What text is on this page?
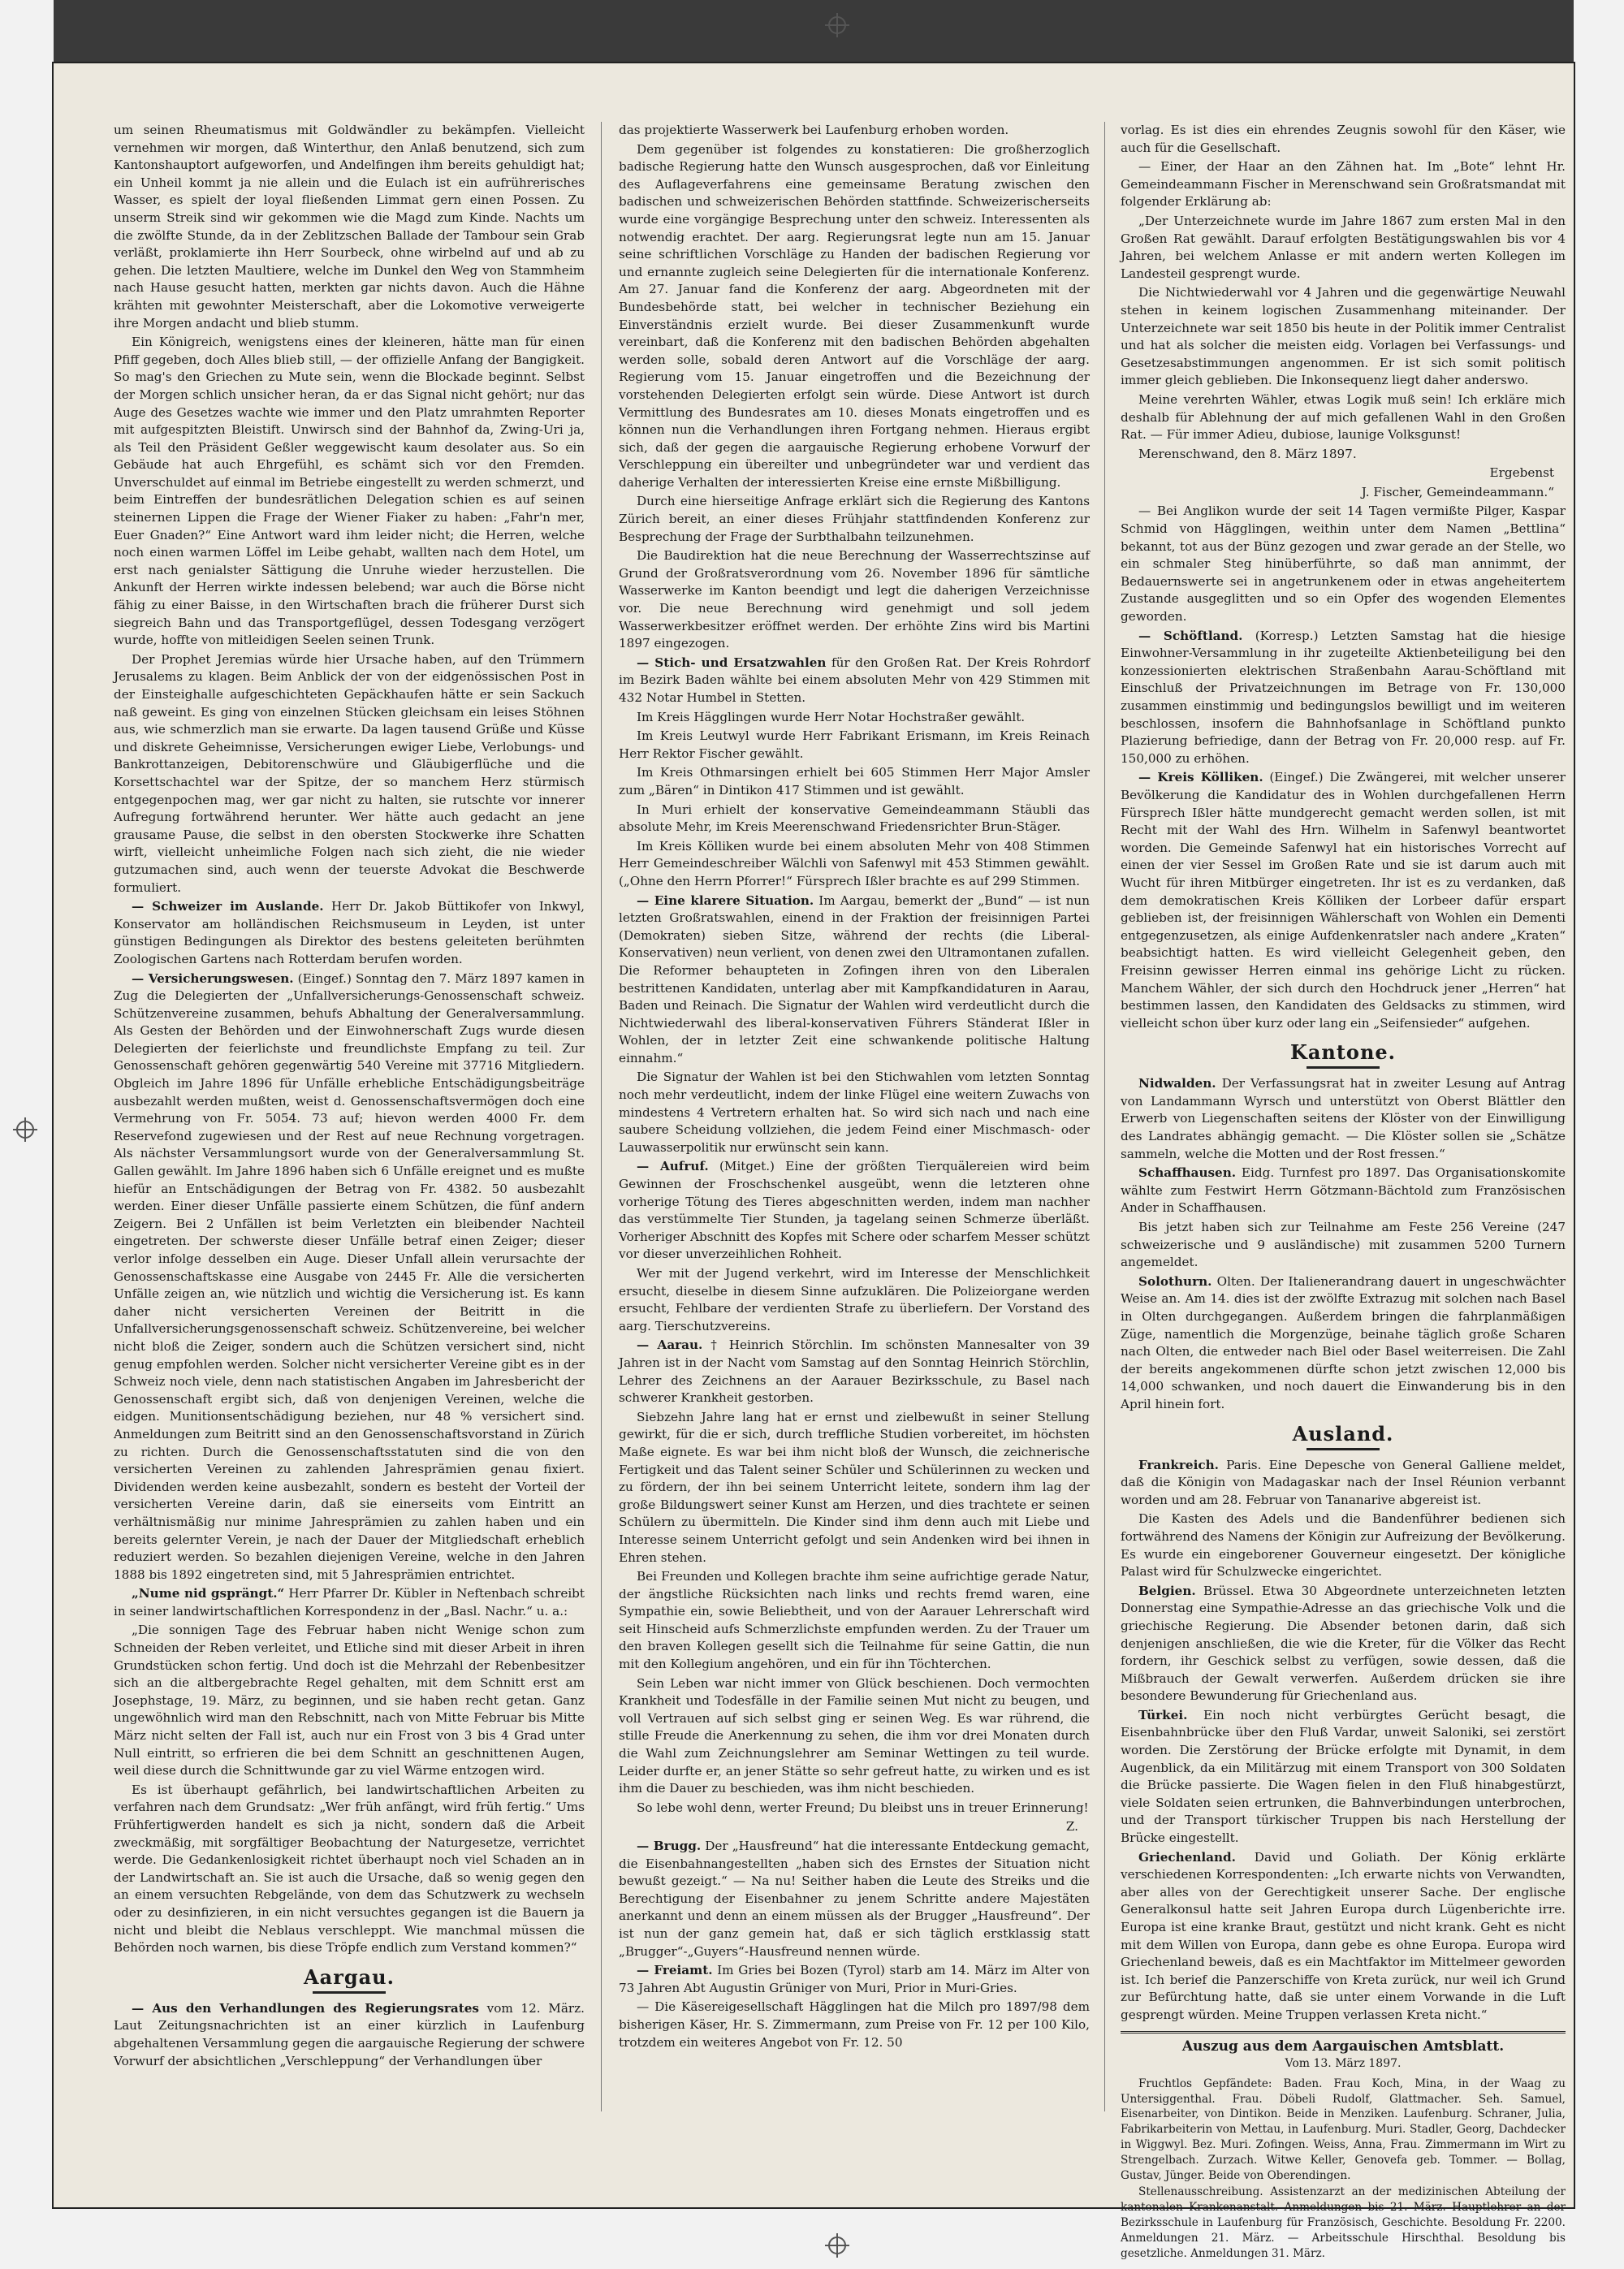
um seinen Rheumatismus mit Goldwändler zu bekämpfen. Vielleicht vernehmen wir morgen, daß Winterthur, den Anlaß benutzend, sich zum Kantonshauptort aufgeworfen, und Andelfingen ihm bereits gehuldigt hat; ein Unheil kommt ja nie allein und die Eulach ist ein aufrührerisches Wasser, es spielt der loyal fließenden Limmat gern einen Possen. Zu unserm Streik sind wir gekommen wie die Magd zum Kinde. Nachts um die zwölfte Stunde, da in der Zeblitzschen Ballade der Tambour sein Grab verläßt, proklamierte ihn Herr Sourbeck, ohne wirbelnd auf und ab zu gehen. Die letzten Maultiere, welche im Dunkel den Weg von Stammheim nach Hause gesucht hatten, merkten gar nichts davon. Auch die Hähne krähten mit gewohnter Meisterschaft, aber die Lokomotive verweigerte ihre Morgen andacht und blieb stumm.

Ein Königreich, wenigstens eines der kleineren, hätte man für einen Pfiff gegeben, doch Alles blieb still, — der offizielle Anfang der Bangigkeit. So mag's den Griechen zu Mute sein, wenn die Blockade beginnt. Selbst der Morgen schlich unsicher heran, da er das Signal nicht gehört; nur das Auge des Gesetzes wachte wie immer und den Platz umrahmten Reporter mit aufgespitzten Bleistift. Unwirsch sind der Bahnhof da, Zwing-Uri ja, als Teil den Präsident Geßler weggewischt kaum desolater aus. So ein Gebäude hat auch Ehrgefühl, es schämt sich vor den Fremden. Unverschuldet auf einmal im Betriebe eingestellt zu werden schmerzt, und beim Eintreffen der bundesrätlichen Delegation schien es auf seinen steinernen Lippen die Frage der Wiener Fiaker zu haben: „Fahr'n mer, Euer Gnaden?“ Eine Antwort ward ihm leider nicht; die Herren, welche noch einen warmen Löffel im Leibe gehabt, wallten nach dem Hotel, um erst nach genialster Sättigung die Unruhe wieder herzustellen. Die Ankunft der Herren wirkte indessen belebend; war auch die Börse nicht fähig zu einer Baisse, in den Wirtschaften brach die früherer Durst sich siegreich Bahn und das Transportgeflügel, dessen Todesgang verzögert wurde, hoffte von mitleidigen Seelen seinen Trunk.

Der Prophet Jeremias würde hier Ursache haben, auf den Trümmern Jerusalems zu klagen. Beim Anblick der von der eidgenössischen Post in der Einsteighalle aufgeschichteten Gepäckhaufen hätte er sein Sackuch naß geweint. Es ging von einzelnen Stücken gleichsam ein leises Stöhnen aus, wie schmerzlich man sie erwarte. Da lagen tausend Grüße und Küsse und diskrete Geheimnisse, Versicherungen ewiger Liebe, Verlobungs- und Bankrottanzeigen, Debitorenschwüre und Gläubigerflüche und die Korsettschachtel war der Spitze, der so manchem Herz stürmisch entgegenpochen mag, wer gar nicht zu halten, sie rutschte vor innerer Aufregung fortwährend herunter. Wer hätte auch gedacht an jene grausame Pause, die selbst in den obersten Stockwerke ihre Schatten wirft, vielleicht unheimliche Folgen nach sich zieht, die nie wieder gutzumachen sind, auch wenn der teuerste Advokat die Beschwerde formuliert.

— Schweizer im Auslande. Herr Dr. Jakob Büttikofer von Inkwyl, Konservator am holländischen Reichsmuseum in Leyden, ist unter günstigen Bedingungen als Direktor des bestens geleiteten berühmten Zoologischen Gartens nach Rotterdam berufen worden.

— Versicherungswesen. (Eingef.) Sonntag den 7. März 1897 kamen in Zug die Delegierten der „Unfallversicherungs-Genossenschaft schweiz. Schützenvereine zusammen, behufs Abhaltung der Generalversammlung. Als Gesten der Behörden und der Einwohnerschaft Zugs wurde diesen Delegierten der feierlichste und freundlichste Empfang zu teil. Zur Genossenschaft gehören gegenwärtig 540 Vereine mit 37716 Mitgliedern. Obgleich im Jahre 1896 für Unfälle erhebliche Entschädigungsbeiträge ausbezahlt werden mußten, weist d. Genossenschaftsvermögen doch eine Vermehrung von Fr. 5054. 73 auf; hievon werden 4000 Fr. dem Reservefond zugewiesen und der Rest auf neue Rechnung vorgetragen. Als nächster Versammlungsort wurde von der Generalversammlung St. Gallen gewählt. Im Jahre 1896 haben sich 6 Unfälle ereignet und es mußte hiefür an Entschädigungen der Betrag von Fr. 4382. 50 ausbezahlt werden. Einer dieser Unfälle passierte einem Schützen, die fünf andern Zeigern. Bei 2 Unfällen ist beim Verletzten ein bleibender Nachteil eingetreten. Der schwerste dieser Unfälle betraf einen Zeiger; dieser verlor infolge desselben ein Auge. Dieser Unfall allein verursachte der Genossenschaftskasse eine Ausgabe von 2445 Fr. Alle die versicherten Unfälle zeigen an, wie nützlich und wichtig die Versicherung ist. Es kann daher nicht versicherten Vereinen der Beitritt in die Unfallversicherungsgenossenschaft schweiz. Schützenvereine, bei welcher nicht bloß die Zeiger, sondern auch die Schützen versichert sind, nicht genug empfohlen werden. Solcher nicht versicherter Vereine gibt es in der Schweiz noch viele, denn nach statistischen Angaben im Jahresbericht der Genossenschaft ergibt sich, daß von denjenigen Vereinen, welche die eidgen. Munitionsentschädigung beziehen, nur 48 % versichert sind. Anmeldungen zum Beitritt sind an den Genossenschaftsvorstand in Zürich zu richten. Durch die Genossenschaftsstatuten sind die von den versicherten Vereinen zu zahlenden Jahresprämien genau fixiert. Dividenden werden keine ausbezahlt, sondern es besteht der Vorteil der versicherten Vereine darin, daß sie einerseits vom Eintritt an verhältnismäßig nur minime Jahresprämien zu zahlen haben und ein bereits gelernter Verein, je nach der Dauer der Mitgliedschaft erheblich reduziert werden. So bezahlen diejenigen Vereine, welche in den Jahren 1888 bis 1892 eingetreten sind, mit 5 Jahresprämien entrichtet.

„Nume nid gsprängt.“ Herr Pfarrer Dr. Kübler in Neftenbach schreibt in seiner landwirtschaftlichen Korrespondenz in der „Basl. Nachr.“ u. a.:

„Die sonnigen Tage des Februar haben nicht Wenige schon zum Schneiden der Reben verleitet, und Etliche sind mit dieser Arbeit in ihren Grundstücken schon fertig. Und doch ist die Mehrzahl der Rebenbesitzer sich an die altbergebrachte Regel gehalten, mit dem Schnitt erst am Josephstage, 19. März, zu beginnen, und sie haben recht getan. Ganz ungewöhnlich wird man den Rebschnitt, nach von Mitte Februar bis Mitte März nicht selten der Fall ist, auch nur ein Frost von 3 bis 4 Grad unter Null eintritt, so erfrieren die bei dem Schnitt an geschnittenen Augen, weil diese durch die Schnittwunde gar zu viel Wärme entzogen wird.

Es ist überhaupt gefährlich, bei landwirtschaftlichen Arbeiten zu verfahren nach dem Grundsatz: „Wer früh anfängt, wird früh fertig.“ Ums Frühfertigwerden handelt es sich ja nicht, sondern daß die Arbeit zweckmäßig, mit sorgfältiger Beobachtung der Naturgesetze, verrichtet werde. Die Gedankenlosigkeit richtet überhaupt noch viel Schaden an in der Landwirtschaft an. Sie ist auch die Ursache, daß so wenig gegen den an einem versuchten Rebgelände, von dem das Schutzwerk zu wechseln oder zu desinfizieren, in ein nicht versuchtes gegangen ist die Bauern ja nicht und bleibt die Neblaus verschleppt. Wie manchmal müssen die Behörden noch warnen, bis diese Tröpfe endlich zum Verstand kommen?“

Aargau.

— Aus den Verhandlungen des Regierungsrates vom 12. März. Laut Zeitungsnachrichten ist an einer kürzlich in Laufenburg abgehaltenen Versammlung gegen die aargauische Regierung der schwere Vorwurf der absichtlichen „Verschleppung“ der Verhandlungen über

das projektierte Wasserwerk bei Laufenburg erhoben worden.

Dem gegenüber ist folgendes zu konstatieren: Die großherzoglich badische Regierung hatte den Wunsch ausgesprochen, daß vor Einleitung des Auflageverfahrens eine gemeinsame Beratung zwischen den badischen und schweizerischen Behörden stattfinde. Schweizerischerseits wurde eine vorgängige Besprechung unter den schweiz. Interessenten als notwendig erachtet. Der aarg. Regierungsrat legte nun am 15. Januar seine schriftlichen Vorschläge zu Handen der badischen Regierung vor und ernannte zugleich seine Delegierten für die internationale Konferenz. Am 27. Januar fand die Konferenz der aarg. Abgeordneten mit der Bundesbehörde statt, bei welcher in technischer Beziehung ein Einverständnis erzielt wurde. Bei dieser Zusammenkunft wurde vereinbart, daß die Konferenz mit den badischen Behörden abgehalten werden solle, sobald deren Antwort auf die Vorschläge der aarg. Regierung vom 15. Januar eingetroffen und die Bezeichnung der vorstehenden Delegierten erfolgt sein würde. Diese Antwort ist durch Vermittlung des Bundesrates am 10. dieses Monats eingetroffen und es können nun die Verhandlungen ihren Fortgang nehmen. Hieraus ergibt sich, daß der gegen die aargauische Regierung erhobene Vorwurf der Verschleppung ein übereilter und unbegründeter war und verdient das daherige Verhalten der interessierten Kreise eine ernste Mißbilligung.

Durch eine hierseitige Anfrage erklärt sich die Regierung des Kantons Zürich bereit, an einer dieses Frühjahr stattfindenden Konferenz zur Besprechung der Frage der Surbthalbahn teilzunehmen.

Die Baudirektion hat die neue Berechnung der Wasserrechtszinse auf Grund der Großratsverordnung vom 26. November 1896 für sämtliche Wasserwerke im Kanton beendigt und legt die daherigen Verzeichnisse vor. Die neue Berechnung wird genehmigt und soll jedem Wasserwerkbesitzer eröffnet werden. Der erhöhte Zins wird bis Martini 1897 eingezogen.

— Stich- und Ersatzwahlen für den Großen Rat. Der Kreis Rohrdorf im Bezirk Baden wählte bei einem absoluten Mehr von 429 Stimmen mit 432 Notar Humbel in Stetten.

Im Kreis Hägglingen wurde Herr Notar Hochstraßer gewählt.

Im Kreis Leutwyl wurde Herr Fabrikant Erismann, im Kreis Reinach Herr Rektor Fischer gewählt.

Im Kreis Othmarsingen erhielt bei 605 Stimmen Herr Major Amsler zum „Bären“ in Dintikon 417 Stimmen und ist gewählt.

In Muri erhielt der konservative Gemeindeammann Stäubli das absolute Mehr, im Kreis Meerenschwand Friedensrichter Brun-Stäger.

Im Kreis Kölliken wurde bei einem absoluten Mehr von 408 Stimmen Herr Gemeindeschreiber Wälchli von Safenwyl mit 453 Stimmen gewählt. („Ohne den Herrn Pforrer!“ Fürsprech Ißler brachte es auf 299 Stimmen.

— Eine klarere Situation. Im Aargau, bemerkt der „Bund“ — ist nun letzten Großratswahlen, einend in der Fraktion der freisinnigen Partei (Demokraten) sieben Sitze, während der rechts (die Liberal-Konservativen) neun verlient, von denen zwei den Ultramontanen zufallen. Die Reformer behaupteten in Zofingen ihren von den Liberalen bestrittenen Kandidaten, unterlag aber mit Kampfkandidaturen in Aarau, Baden und Reinach. Die Signatur der Wahlen wird verdeutlicht durch die Nichtwiederwahl des liberal-konservativen Führers Ständerat Ißler in Wohlen, der in letzter Zeit eine schwankende politische Haltung einnahm.“

Die Signatur der Wahlen ist bei den Stichwahlen vom letzten Sonntag noch mehr verdeutlicht, indem der linke Flügel eine weitern Zuwachs von mindestens 4 Vertretern erhalten hat. So wird sich nach und nach eine saubere Scheidung vollziehen, die jedem Feind einer Mischmasch- oder Lauwasserpolitik nur erwünscht sein kann.

— Aufruf. (Mitget.) Eine der größten Tierquälereien wird beim Gewinnen der Froschschenkel ausgeübt, wenn die letzteren ohne vorherige Tötung des Tieres abgeschnitten werden, indem man nachher das verstümmelte Tier Stunden, ja tagelang seinen Schmerze überläßt. Vorheriger Abschnitt des Kopfes mit Schere oder scharfem Messer schützt vor dieser unverzeihlichen Rohheit.

Wer mit der Jugend verkehrt, wird im Interesse der Menschlichkeit ersucht, dieselbe in diesem Sinne aufzuklären. Die Polizeiorgane werden ersucht, Fehlbare der verdienten Strafe zu überliefern. Der Vorstand des aarg. Tierschutzvereins.

— Aarau. † Heinrich Störchlin. Im schönsten Mannesalter von 39 Jahren ist in der Nacht vom Samstag auf den Sonntag Heinrich Störchlin, Lehrer des Zeichnens an der Aarauer Bezirksschule, zu Basel nach schwerer Krankheit gestorben.

Siebzehn Jahre lang hat er ernst und zielbewußt in seiner Stellung gewirkt, für die er sich, durch treffliche Studien vorbereitet, im höchsten Maße eignete. Es war bei ihm nicht bloß der Wunsch, die zeichnerische Fertigkeit und das Talent seiner Schüler und Schülerinnen zu wecken und zu fördern, der ihn bei seinem Unterricht leitete, sondern ihm lag der große Bildungswert seiner Kunst am Herzen, und dies trachtete er seinen Schülern zu übermitteln. Die Kinder sind ihm denn auch mit Liebe und Interesse seinem Unterricht gefolgt und sein Andenken wird bei ihnen in Ehren stehen.

Bei Freunden und Kollegen brachte ihm seine aufrichtige gerade Natur, der ängstliche Rücksichten nach links und rechts fremd waren, eine Sympathie ein, sowie Beliebtheit, und von der Aarauer Lehrerschaft wird seit Hinscheid aufs Schmerzlichste empfunden werden. Zu der Trauer um den braven Kollegen gesellt sich die Teilnahme für seine Gattin, die nun mit den Kollegium angehören, und ein für ihn Töchterchen.

Sein Leben war nicht immer von Glück beschienen. Doch vermochten Krankheit und Todesfälle in der Familie seinen Mut nicht zu beugen, und voll Vertrauen auf sich selbst ging er seinen Weg. Es war rührend, die stille Freude die Anerkennung zu sehen, die ihm vor drei Monaten durch die Wahl zum Zeichnungslehrer am Seminar Wettingen zu teil wurde. Leider durfte er, an jener Stätte so sehr gefreut hatte, zu wirken und es ist ihm die Dauer zu beschieden, was ihm nicht beschieden.

So lebe wohl denn, werter Freund; Du bleibst uns in treuer Erinnerung!

Z.

— Brugg. Der „Hausfreund“ hat die interessante Entdeckung gemacht, die Eisenbahnangestellten „haben sich des Ernstes der Situation nicht bewußt gezeigt.“ — Na nu! Seither haben die Leute des Streiks und die Berechtigung der Eisenbahner zu jenem Schritte andere Majestäten anerkannt und denn an einem müssen als der Brugger „Hausfreund“. Der ist nun der ganz gemein hat, daß er sich täglich erstklassig statt „Brugger“-„Guyers“-Hausfreund nennen würde.

— Freiamt. Im Gries bei Bozen (Tyrol) starb am 14. März im Alter von 73 Jahren Abt Augustin Grüniger von Muri, Prior in Muri-Gries.

— Die Käsereigesellschaft Hägglingen hat die Milch pro 1897/98 dem bisherigen Käser, Hr. S. Zimmermann, zum Preise von Fr. 12 per 100 Kilo, trotzdem ein weiteres Angebot von Fr. 12. 50

vorlag. Es ist dies ein ehrendes Zeugnis sowohl für den Käser, wie auch für die Gesellschaft.

— Einer, der Haar an den Zähnen hat. Im „Bote“ lehnt Hr. Gemeindeammann Fischer in Merenschwand sein Großratsmandat mit folgender Erklärung ab:

„Der Unterzeichnete wurde im Jahre 1867 zum ersten Mal in den Großen Rat gewählt. Darauf erfolgten Bestätigungswahlen bis vor 4 Jahren, bei welchem Anlasse er mit andern werten Kollegen im Landesteil gesprengt wurde.

Die Nichtwiederwahl vor 4 Jahren und die gegenwärtige Neuwahl stehen in keinem logischen Zusammenhang miteinander. Der Unterzeichnete war seit 1850 bis heute in der Politik immer Centralist und hat als solcher die meisten eidg. Vorlagen bei Verfassungs- und Gesetzesabstimmungen angenommen. Er ist sich somit politisch immer gleich geblieben. Die Inkonsequenz liegt daher anderswo.

Meine verehrten Wähler, etwas Logik muß sein! Ich erkläre mich deshalb für Ablehnung der auf mich gefallenen Wahl in den Großen Rat. — Für immer Adieu, dubiose, launige Volksgunst!

Merenschwand, den 8. März 1897.

Ergebenst
J. Fischer, Gemeindeammann.“

— Bei Anglikon wurde der seit 14 Tagen vermißte Pilger, Kaspar Schmid von Hägglingen, weithin unter dem Namen „Bettlina“ bekannt, tot aus der Bünz gezogen und zwar gerade an der Stelle, wo ein schmaler Steg hinüberführte, so daß man annimmt, der Bedauernswerte sei in angetrunkenem oder in etwas angeheitertem Zustande ausgeglitten und so ein Opfer des wogenden Elementes geworden.

— Schöftland. (Korresp.) Letzten Samstag hat die hiesige Einwohner-Versammlung in ihr zugeteilte Aktienbeteiligung bei den konzessionierten elektrischen Straßenbahn Aarau-Schöftland mit Einschluß der Privatzeichnungen im Betrage von Fr. 130,000 zusammen einstimmig und bedingungslos bewilligt und im weiteren beschlossen, insofern die Bahnhofsanlage in Schöftland punkto Plazierung befriedige, dann der Betrag von Fr. 20,000 resp. auf Fr. 150,000 zu erhöhen.

— Kreis Kölliken. (Eingef.) Die Zwängerei, mit welcher unserer Bevölkerung die Kandidatur des in Wohlen durchgefallenen Herrn Fürsprech Ißler hätte mundgerecht gemacht werden sollen, ist mit Recht mit der Wahl des Hrn. Wilhelm in Safenwyl beantwortet worden. Die Gemeinde Safenwyl hat ein historisches Vorrecht auf einen der vier Sessel im Großen Rate und sie ist darum auch mit Wucht für ihren Mitbürger eingetreten. Ihr ist es zu verdanken, daß dem demokratischen Kreis Kölliken der Lorbeer dafür erspart geblieben ist, der freisinnigen Wählerschaft von Wohlen ein Dementi entgegenzusetzen, als einige Aufdenkenratsler nach andere „Kraten“ beabsichtigt hatten. Es wird vielleicht Gelegenheit geben, den Freisinn gewisser Herren einmal ins gehörige Licht zu rücken. Manchem Wähler, der sich durch den Hochdruck jener „Herren“ hat bestimmen lassen, den Kandidaten des Geldsacks zu stimmen, wird vielleicht schon über kurz oder lang ein „Seifensieder“ aufgehen.

Kantone.

Nidwalden. Der Verfassungsrat hat in zweiter Lesung auf Antrag von Landammann Wyrsch und unterstützt von Oberst Blättler den Erwerb von Liegenschaften seitens der Klöster von der Einwilligung des Landrates abhängig gemacht. — Die Klöster sollen sie „Schätze sammeln, welche die Motten und der Rost fressen.“

Schaffhausen. Eidg. Turnfest pro 1897. Das Organisationskomite wählte zum Festwirt Herrn Götzmann-Bächtold zum Französischen Ander in Schaffhausen.

Bis jetzt haben sich zur Teilnahme am Feste 256 Vereine (247 schweizerische und 9 ausländische) mit zusammen 5200 Turnern angemeldet.

Solothurn. Olten. Der Italienerandrang dauert in ungeschwächter Weise an. Am 14. dies ist der zwölfte Extrazug mit solchen nach Basel in Olten durchgegangen. Außerdem bringen die fahrplanmäßigen Züge, namentlich die Morgenzüge, beinahe täglich große Scharen nach Olten, die entweder nach Biel oder Basel weiterreisen. Die Zahl der bereits angekommenen dürfte schon jetzt zwischen 12,000 bis 14,000 schwanken, und noch dauert die Einwanderung bis in den April hinein fort.

Ausland.

Frankreich. Paris. Eine Depesche von General Galliene meldet, daß die Königin von Madagaskar nach der Insel Réunion verbannt worden und am 28. Februar von Tananarive abgereist ist.

Die Kasten des Adels und die Bandenführer bedienen sich fortwährend des Namens der Königin zur Aufreizung der Bevölkerung. Es wurde ein eingeborener Gouverneur eingesetzt. Der königliche Palast wird für Schulzwecke eingerichtet.

Belgien. Brüssel. Etwa 30 Abgeordnete unterzeichneten letzten Donnerstag eine Sympathie-Adresse an das griechische Volk und die griechische Regierung. Die Absender betonen darin, daß sich denjenigen anschließen, die wie die Kreter, für die Völker das Recht fordern, ihr Geschick selbst zu verfügen, sowie dessen, daß die Mißbrauch der Gewalt verwerfen. Außerdem drücken sie ihre besondere Bewunderung für Griechenland aus.

Türkei. Ein noch nicht verbürgtes Gerücht besagt, die Eisenbahnbrücke über den Fluß Vardar, unweit Saloniki, sei zerstört worden. Die Zerstörung der Brücke erfolgte mit Dynamit, in dem Augenblick, da ein Militärzug mit einem Transport von 300 Soldaten die Brücke passierte. Die Wagen fielen in den Fluß hinabgestürzt, viele Soldaten seien ertrunken, die Bahnverbindungen unterbrochen, und der Transport türkischer Truppen bis nach Herstellung der Brücke eingestellt.

Griechenland. David und Goliath. Der König erklärte verschiedenen Korrespondenten: „Ich erwarte nichts von Verwandten, aber alles von der Gerechtigkeit unserer Sache. Der englische Generalkonsul hatte seit Jahren Europa durch Lügenberichte irre. Europa ist eine kranke Braut, gestützt und nicht krank. Geht es nicht mit dem Willen von Europa, dann gebe es ohne Europa. Europa wird Griechenland beweis, daß es ein Machtfaktor im Mittelmeer geworden ist. Ich berief die Panzerschiffe von Kreta zurück, nur weil ich Grund zur Befürchtung hatte, daß sie unter einem Vorwande in die Luft gesprengt würden. Meine Truppen verlassen Kreta nicht.“

Auszug aus dem Aargauischen Amtsblatt.
Vom 13. März 1897.

Fruchtlos Gepfändete: Baden. Frau Koch, Mina, in der Waag zu Untersiggenthal. Frau. Döbeli Rudolf, Glattmacher. Seh. Samuel, Eisenarbeiter, von Dintikon. Beide in Menziken. Laufenburg. Schraner, Julia, Fabrikarbeiterin von Mettau, in Laufenburg. Muri. Stadler, Georg, Dachdecker in Wiggwyl. Bez. Muri. Zofingen. Weiss, Anna, Frau. Zimmermann im Wirt zu Strengelbach. Zurzach. Witwe Keller, Genovefa geb. Tommer. — Bollag, Gustav, Jünger. Beide von Oberendingen.

Stellenausschreibung. Assistenzarzt an der medizinischen Abteilung der kantonalen Krankenanstalt. Anmeldungen bis 21. März. Hauptlehrer an der Bezirksschule in Laufenburg für Französisch, Geschichte. Besoldung Fr. 2200. Anmeldungen 21. März. — Arbeitsschule Hirschthal. Besoldung bis gesetzliche. Anmeldungen 31. März.
